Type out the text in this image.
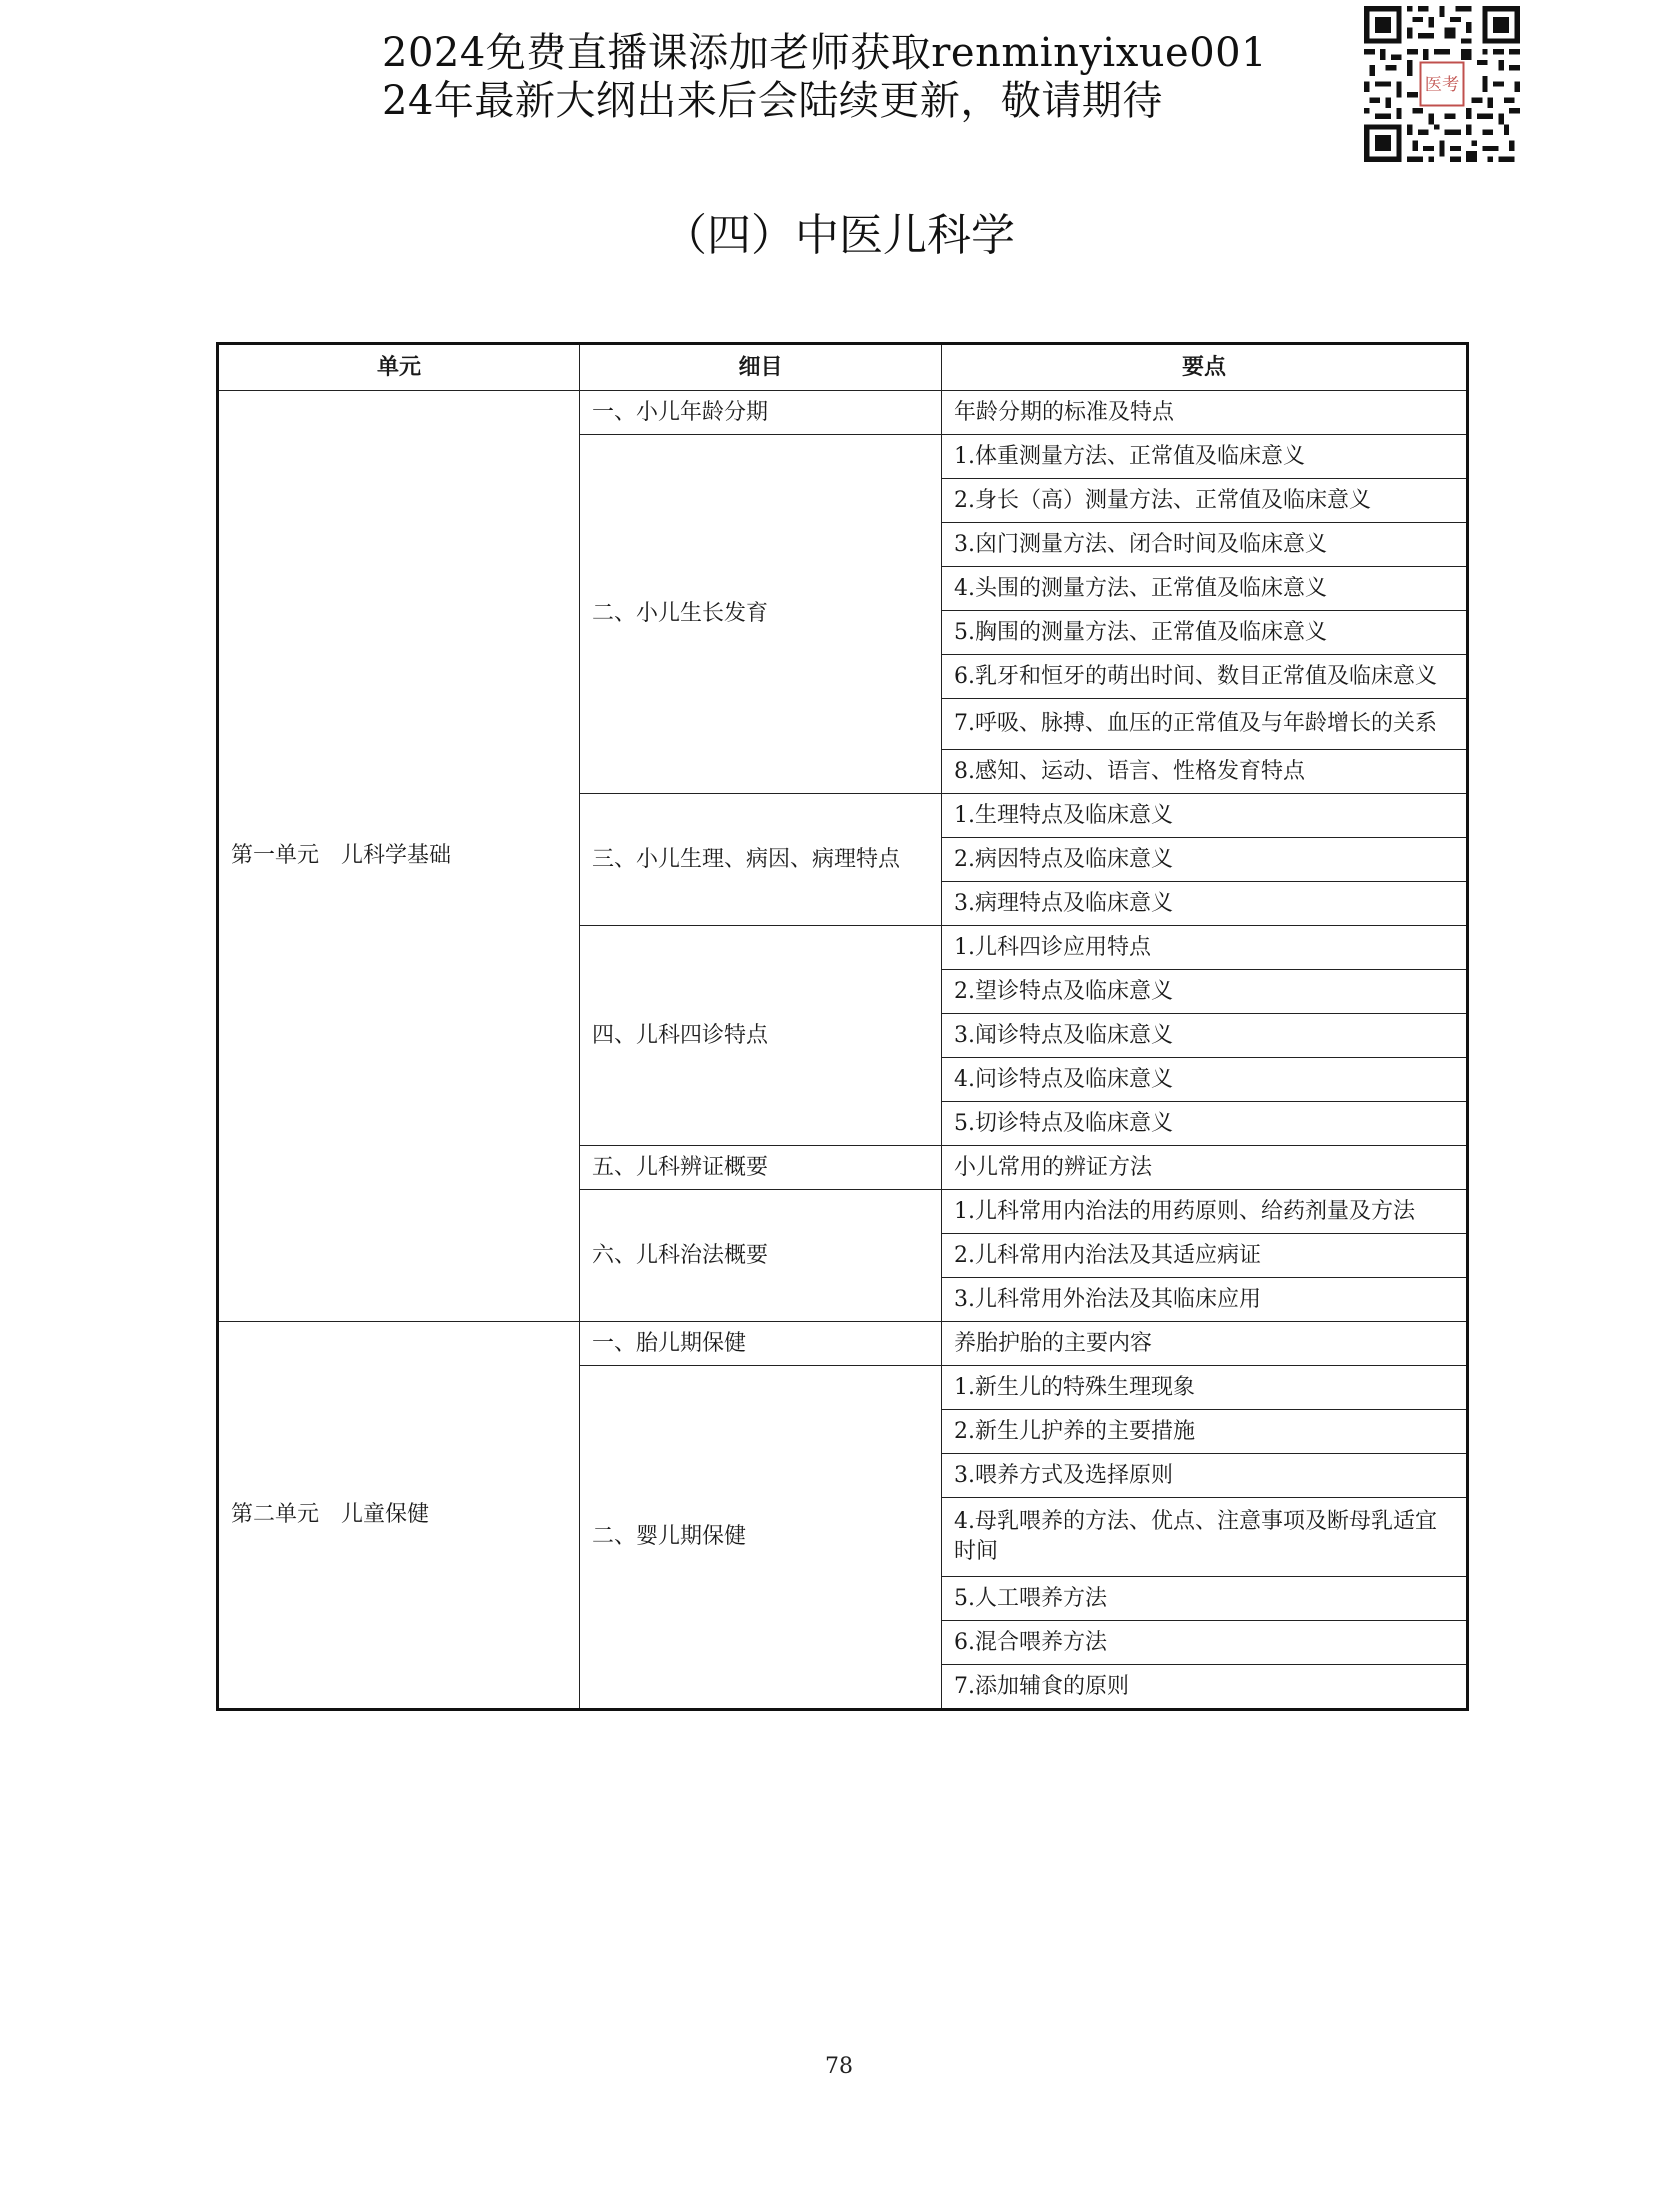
2024免费直播课添加老师获取renminyixue001
24年最新大纲出来后会陆续更新，敬请期待	医考
（四）中医儿科学
单元	细目	要点
第一单元　儿科学基础	一、小儿年龄分期	年龄分期的标准及特点
	二、小儿生长发育	1.体重测量方法、正常值及临床意义
		2.身长（高）测量方法、正常值及临床意义
		3.囟门测量方法、闭合时间及临床意义
		4.头围的测量方法、正常值及临床意义
		5.胸围的测量方法、正常值及临床意义
		6.乳牙和恒牙的萌出时间、数目正常值及临床意义
		7.呼吸、脉搏、血压的正常值及与年龄增长的关系
		8.感知、运动、语言、性格发育特点
	三、小儿生理、病因、病理特点	1.生理特点及临床意义
		2.病因特点及临床意义
		3.病理特点及临床意义
	四、儿科四诊特点	1.儿科四诊应用特点
		2.望诊特点及临床意义
		3.闻诊特点及临床意义
		4.问诊特点及临床意义
		5.切诊特点及临床意义
	五、儿科辨证概要	小儿常用的辨证方法
	六、儿科治法概要	1.儿科常用内治法的用药原则、给药剂量及方法
		2.儿科常用内治法及其适应病证
		3.儿科常用外治法及其临床应用
第二单元　儿童保健	一、胎儿期保健	养胎护胎的主要内容
	二、婴儿期保健	1.新生儿的特殊生理现象
		2.新生儿护养的主要措施
		3.喂养方式及选择原则
		4.母乳喂养的方法、优点、注意事项及断母乳适宜时间
		5.人工喂养方法
		6.混合喂养方法
		7.添加辅食的原则
78
